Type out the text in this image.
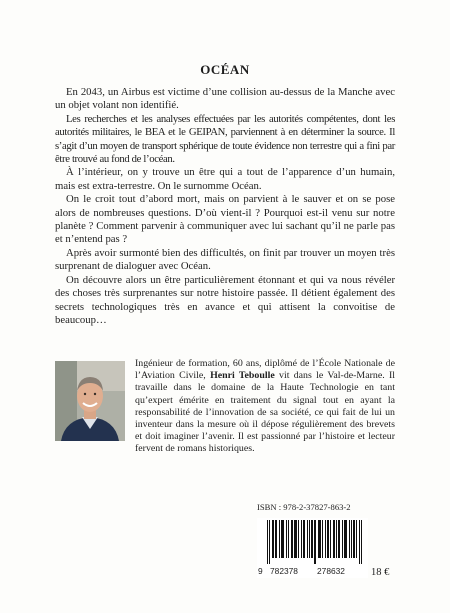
OCÉAN

En 2043, un Airbus est victime d’une collision au-dessus de la Manche avec un objet volant non identifié.

Les recherches et les analyses effectuées par les autorités compétentes, dont les autorités militaires, le BEA et le GEIPAN, parviennent à en déterminer la source. Il s’agit d’un moyen de transport sphérique de toute évidence non terrestre qui a fini par être trouvé au fond de l’océan.

À l’intérieur, on y trouve un être qui a tout de l’apparence d’un humain, mais est extra-terrestre. On le surnomme Océan.

On le croit tout d’abord mort, mais on parvient à le sauver et on se pose alors de nombreuses questions. D’où vient-il ? Pourquoi est-il venu sur notre planète ? Comment parvenir à communiquer avec lui sachant qu’il ne parle pas et n’entend pas ?

Après avoir surmonté bien des difficultés, on finit par trouver un moyen très surprenant de dialoguer avec Océan.

On découvre alors un être particulièrement étonnant et qui va nous révéler des choses très surprenantes sur notre histoire passée. Il détient également des secrets technologiques très en avance et qui attisent la convoitise de beaucoup…

Ingénieur de formation, 60 ans, diplômé de l’École Nationale de l’Aviation Civile, Henri Teboulle vit dans le Val-de-Marne. Il travaille dans le domaine de la Haute Technologie en tant qu’expert émérite en traitement du signal tout en ayant la responsabilité de l’innovation de sa société, ce qui fait de lui un inventeur dans la mesure où il dépose régulièrement des brevets et doit imaginer l’avenir. Il est passionné par l’histoire et lecteur fervent de romans historiques.
ISBN : 978-2-37827-863-2
9 782378 278632 18 €
